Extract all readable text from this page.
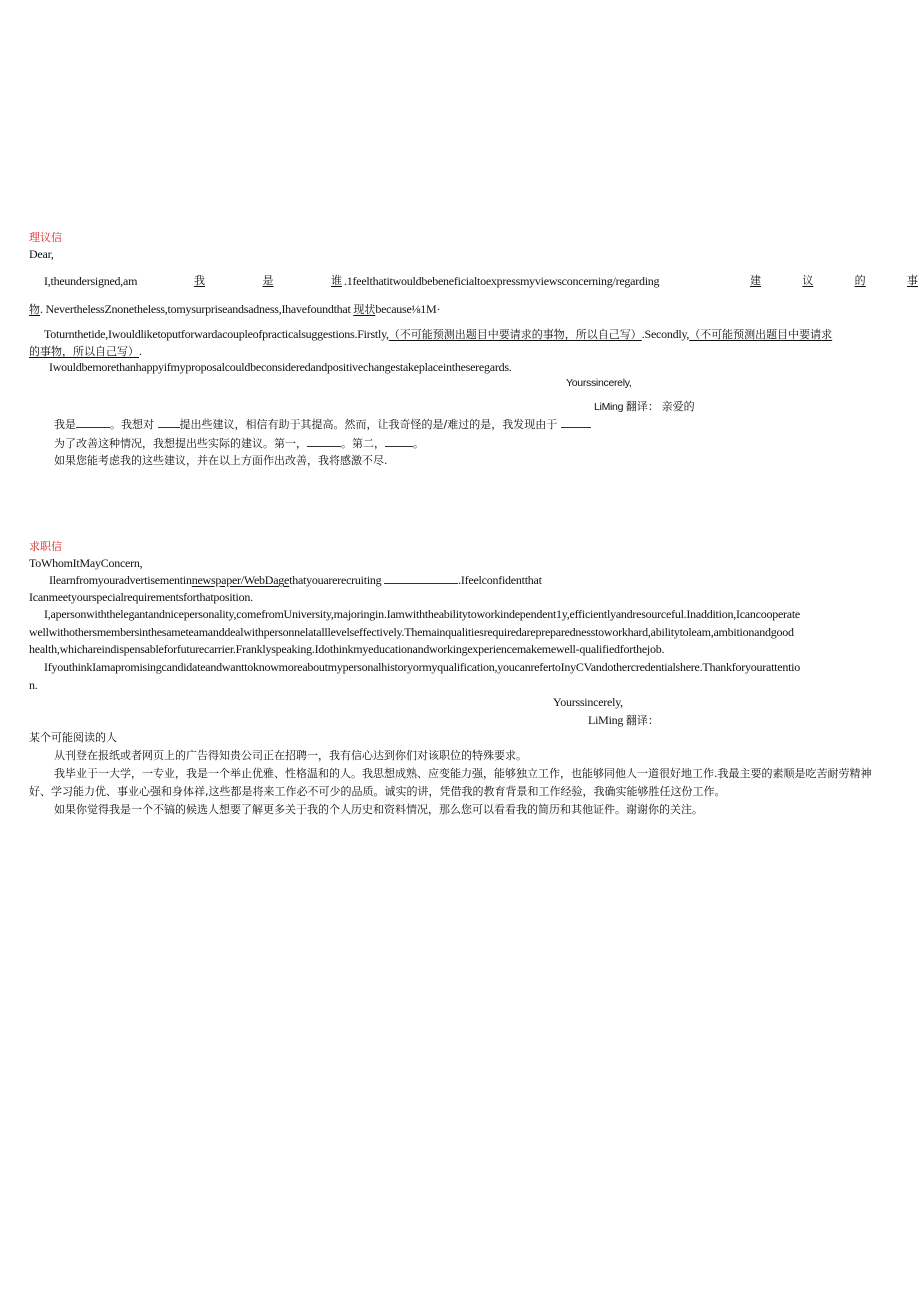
理议信
Dear,
I,theundersigned,am	我	是	谁 .1feelthatitwouldbebeneficialtoexpressmyviewsconcerning/regarding	建	议	的	事
物. NeverthelessZnonetheless,tomysurpriseandsadness,Ihavefoundthat 现状because⅛1M·
Toturnthetide,Iwouldliketoputforwardacoupleofpracticalsuggestions.Firstly,（不可能预测出题目中要请求的事物，所以自己写）.Secondly,（不可能预测出题目中要请求
的事物，所以自己写）.
Iwouldbemorethanhappyifmyproposalcouldbeconsideredandpositivechangestakeplaceintheseregards.
Yourssincerely,
LiMing 翻译： 亲爱的
我是	。我想对 提出些建议，相信有助于其提高。然而，让我奇怪的是/难过的是，我发现由于
为了改善这种情况，我想提出些实际的建议。第一，	。第二，	。
如果您能考虑我的这些建议，并在以上方面作出改善，我将感激不尽.
求职信
ToWhomItMayConcern,
Ilearnfromyouradvertisementinnewspaper/WebDagethatyouarerecruiting	.Ifeelconfidentthat
Icanmeetyourspecialrequirementsforthatposition.
I,apersonwiththelegantandnicepersonality,comefromUniversity,majoringin.Iamwiththeabilitytoworkindependent1y,efficientlyandresourceful.Inaddition,Icancooperate
wellwithothersmembersinthesameteamanddealwithpersonnelatalllevelseffectively.Themainqualitiesrequiredarepreparednesstoworkhard,abilitytoleam,ambitionandgood
health,whichareindispensableforfuturecarrier.Franklyspeaking.Idothinkmyeducationandworkingexperiencemakemewell-qualifiedforthejob.
IfyouthinkIamapromisingcandidateandwanttoknowmoreaboutmypersonalhistoryormyqualification,youcanrefertoInyCVandothercredentialshere.Thankforyourattentio
n.
Yourssincerely,
LiMing 翻译：
某个可能阅读的人
从刊登在报纸或者网页上的广告得知贵公司正在招聘一，我有信心达到你们对该职位的特殊要求。
我毕业于一大学，一专业，我是一个举止优雅、性格温和的人。我思想成熟、应变能力强，能够独立工作，也能够同他人一道很好地工作.我最主要的素顺是吃苦耐劳精神
好、学习能力优、事业心强和身体祥,这些都是将来工作必不可少的品质。诚实的讲，凭借我的教育背景和工作经验，我确实能够胜任这份工作。
如果你觉得我是一个不镐的候选人想要了解更多关于我的个人历史和资料情况，那么您可以看看我的简历和其他证件。谢谢你的关注。
